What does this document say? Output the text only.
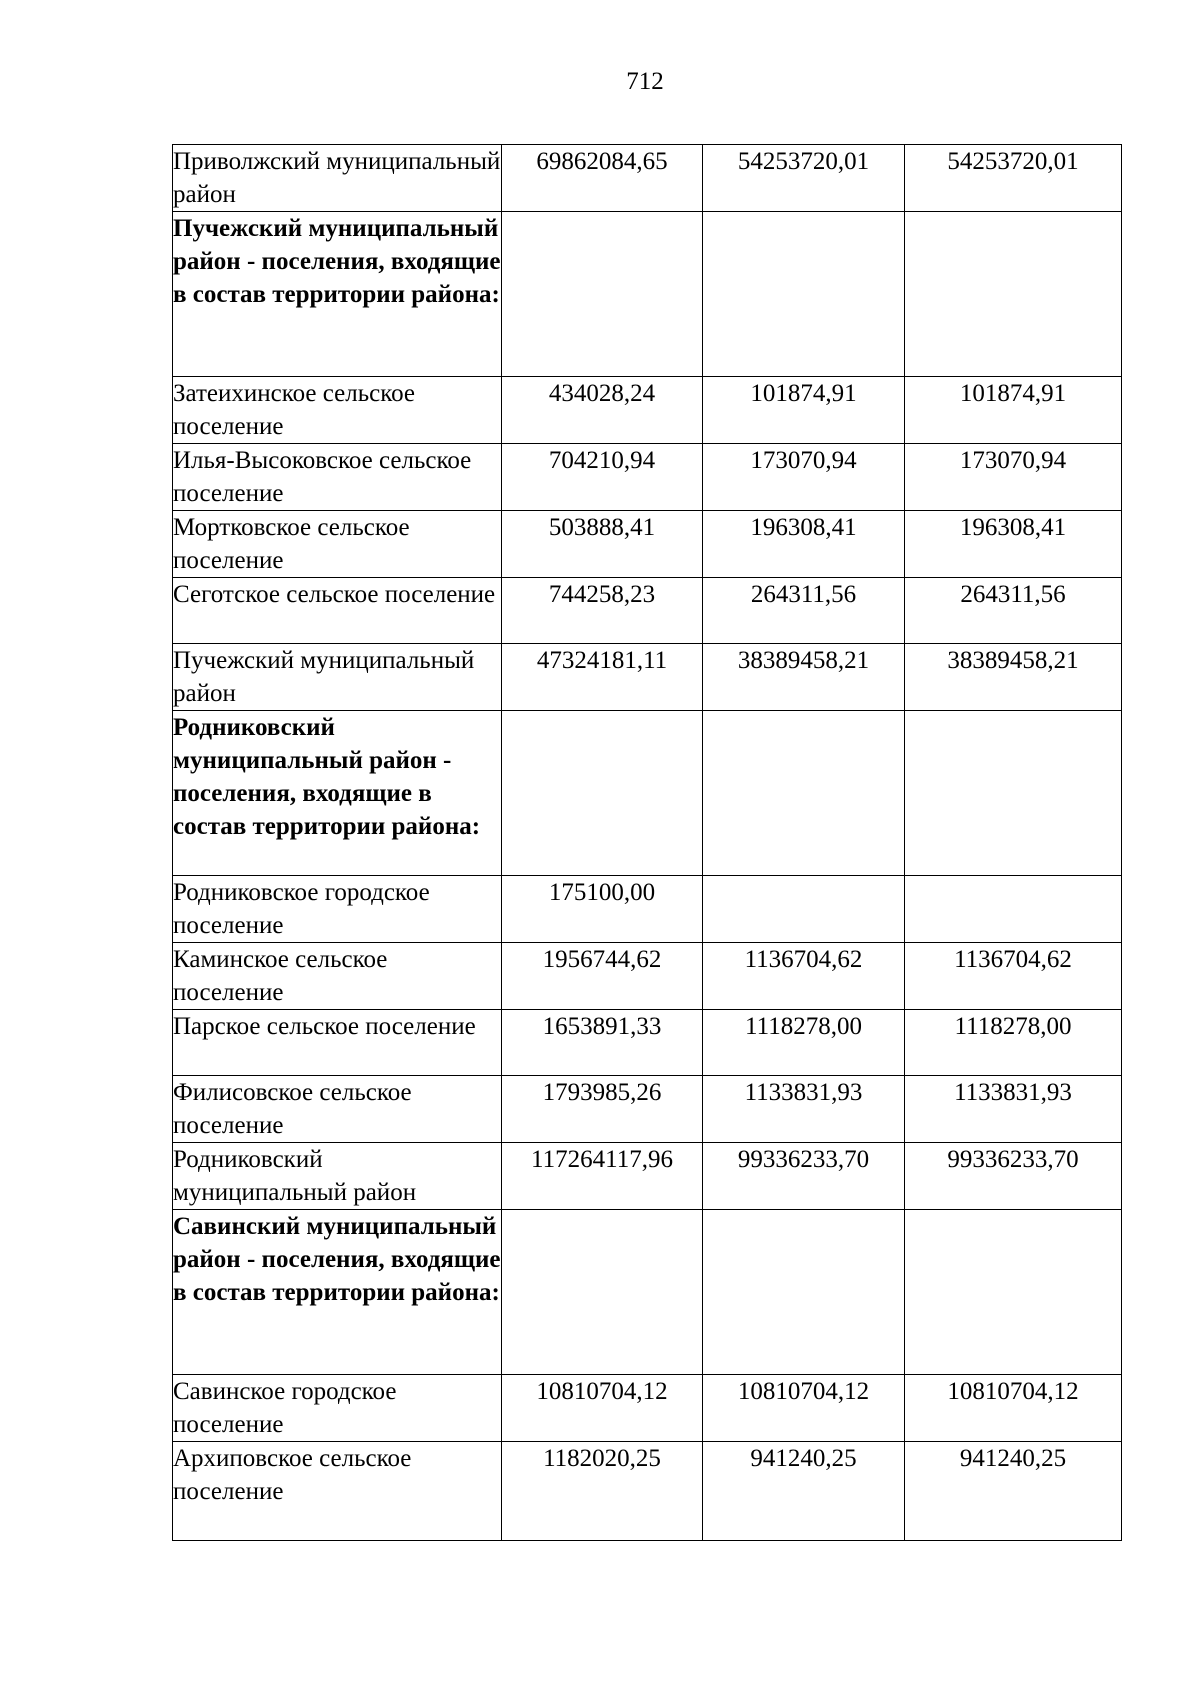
712
Приволжский муниципальный район	69862084,65	54253720,01	54253720,01
Пучежский муниципальный район - поселения, входящие в состав территории района:			
Затеихинское сельское поселение	434028,24	101874,91	101874,91
Илья-Высоковское сельское поселение	704210,94	173070,94	173070,94
Мортковское сельское поселение	503888,41	196308,41	196308,41
Сеготское сельское поселение	744258,23	264311,56	264311,56
Пучежский муниципальный район	47324181,11	38389458,21	38389458,21
Родниковский муниципальный район - поселения, входящие в состав территории района:			
Родниковское городское поселение	175100,00		
Каминское сельское поселение	1956744,62	1136704,62	1136704,62
Парское сельское поселение	1653891,33	1118278,00	1118278,00
Филисовское сельское поселение	1793985,26	1133831,93	1133831,93
Родниковский муниципальный район	117264117,96	99336233,70	99336233,70
Савинский муниципальный район - поселения, входящие в состав территории района:			
Савинское городское поселение	10810704,12	10810704,12	10810704,12
Архиповское сельское поселение	1182020,25	941240,25	941240,25
